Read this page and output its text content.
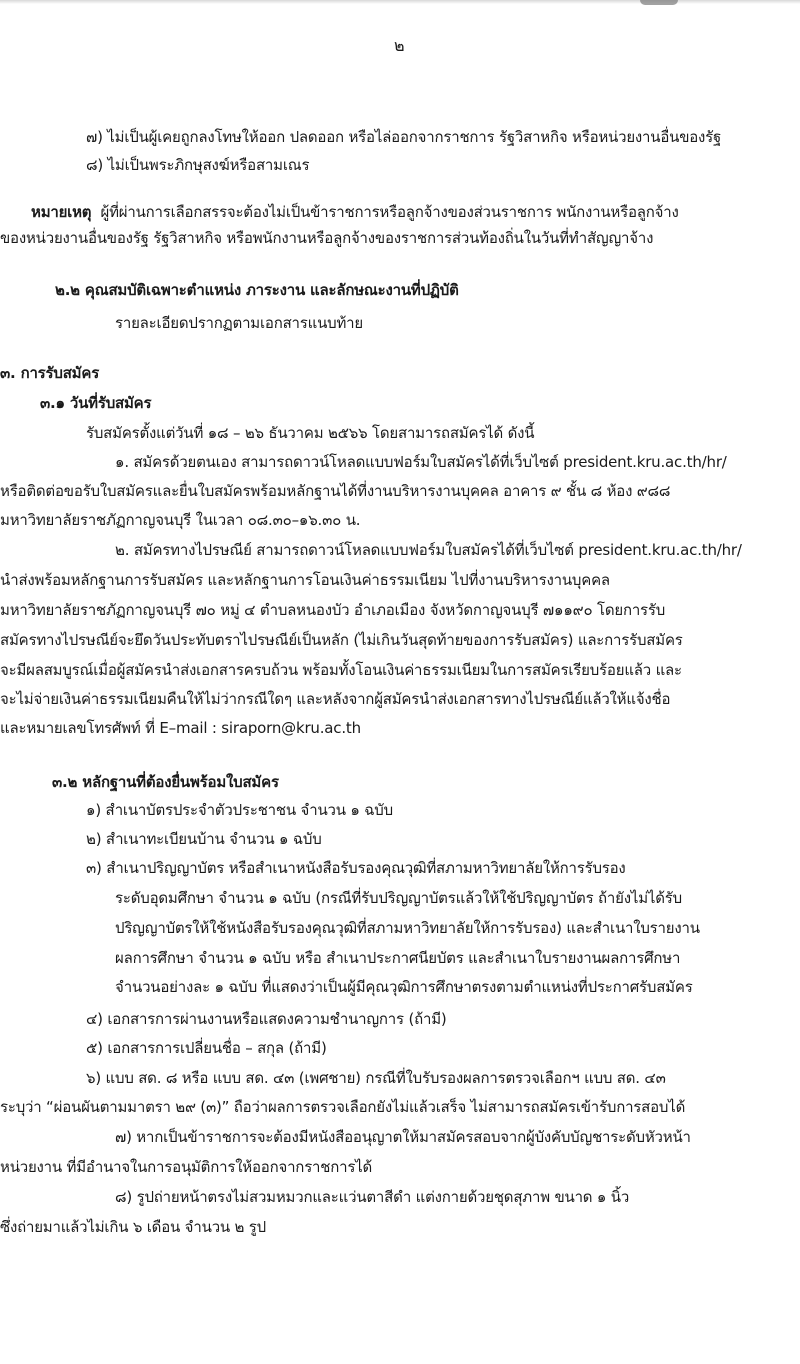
๒
๗) ไม่เป็นผู้เคยถูกลงโทษให้ออก ปลดออก หรือไล่ออกจากราชการ รัฐวิสาหกิจ หรือหน่วยงานอื่นของรัฐ
๘) ไม่เป็นพระภิกษุสงฆ์หรือสามเณร
หมายเหตุ ผู้ที่ผ่านการเลือกสรรจะต้องไม่เป็นข้าราชการหรือลูกจ้างของส่วนราชการ พนักงานหรือลูกจ้าง
ของหน่วยงานอื่นของรัฐ รัฐวิสาหกิจ หรือพนักงานหรือลูกจ้างของราชการส่วนท้องถิ่นในวันที่ทำสัญญาจ้าง
๒.๒ คุณสมบัติเฉพาะตำแหน่ง ภาระงาน และลักษณะงานที่ปฏิบัติ
รายละเอียดปรากฏตามเอกสารแนบท้าย
๓. การรับสมัคร
๓.๑ วันที่รับสมัคร
รับสมัครตั้งแต่วันที่ ๑๘ – ๒๖ ธันวาคม ๒๕๖๖ โดยสามารถสมัครได้ ดังนี้
๑. สมัครด้วยตนเอง สามารถดาวน์โหลดแบบฟอร์มใบสมัครได้ที่เว็บไซต์ president.kru.ac.th/hr/
หรือติดต่อขอรับใบสมัครและยื่นใบสมัครพร้อมหลักฐานได้ที่งานบริหารงานบุคคล อาคาร ๙ ชั้น ๘ ห้อง ๙๘๘
มหาวิทยาลัยราชภัฏกาญจนบุรี ในเวลา ๐๘.๓๐–๑๖.๓๐ น.
๒. สมัครทางไปรษณีย์ สามารถดาวน์โหลดแบบฟอร์มใบสมัครได้ที่เว็บไซต์ president.kru.ac.th/hr/
นำส่งพร้อมหลักฐานการรับสมัคร และหลักฐานการโอนเงินค่าธรรมเนียม ไปที่งานบริหารงานบุคคล
มหาวิทยาลัยราชภัฏกาญจนบุรี ๗๐ หมู่ ๔ ตำบลหนองบัว อำเภอเมือง จังหวัดกาญจนบุรี ๗๑๑๙๐ โดยการรับ
สมัครทางไปรษณีย์จะยึดวันประทับตราไปรษณีย์เป็นหลัก (ไม่เกินวันสุดท้ายของการรับสมัคร) และการรับสมัคร
จะมีผลสมบูรณ์เมื่อผู้สมัครนำส่งเอกสารครบถ้วน พร้อมทั้งโอนเงินค่าธรรมเนียมในการสมัครเรียบร้อยแล้ว และ
จะไม่จ่ายเงินค่าธรรมเนียมคืนให้ไม่ว่ากรณีใดๆ และหลังจากผู้สมัครนำส่งเอกสารทางไปรษณีย์แล้วให้แจ้งชื่อ
และหมายเลขโทรศัพท์ ที่ E–mail : siraporn@kru.ac.th
๓.๒ หลักฐานที่ต้องยื่นพร้อมใบสมัคร
๑) สำเนาบัตรประจำตัวประชาชน จำนวน ๑ ฉบับ
๒) สำเนาทะเบียนบ้าน จำนวน ๑ ฉบับ
๓) สำเนาปริญญาบัตร หรือสำเนาหนังสือรับรองคุณวุฒิที่สภามหาวิทยาลัยให้การรับรอง
ระดับอุดมศึกษา จำนวน ๑ ฉบับ (กรณีที่รับปริญญาบัตรแล้วให้ใช้ปริญญาบัตร ถ้ายังไม่ได้รับ
ปริญญาบัตรให้ใช้หนังสือรับรองคุณวุฒิที่สภามหาวิทยาลัยให้การรับรอง) และสำเนาใบรายงาน
ผลการศึกษา จำนวน ๑ ฉบับ หรือ สำเนาประกาศนียบัตร และสำเนาใบรายงานผลการศึกษา
จำนวนอย่างละ ๑ ฉบับ ที่แสดงว่าเป็นผู้มีคุณวุฒิการศึกษาตรงตามตำแหน่งที่ประกาศรับสมัคร
๔) เอกสารการผ่านงานหรือแสดงความชำนาญการ (ถ้ามี)
๕) เอกสารการเปลี่ยนชื่อ – สกุล (ถ้ามี)
๖) แบบ สด. ๘ หรือ แบบ สด. ๔๓ (เพศชาย) กรณีที่ใบรับรองผลการตรวจเลือกฯ แบบ สด. ๔๓
ระบุว่า “ผ่อนผันตามมาตรา ๒๙ (๓)” ถือว่าผลการตรวจเลือกยังไม่แล้วเสร็จ ไม่สามารถสมัครเข้ารับการสอบได้
๗) หากเป็นข้าราชการจะต้องมีหนังสืออนุญาตให้มาสมัครสอบจากผู้บังคับบัญชาระดับหัวหน้า
หน่วยงาน ที่มีอำนาจในการอนุมัติการให้ออกจากราชการได้
๘) รูปถ่ายหน้าตรงไม่สวมหมวกและแว่นตาสีดำ แต่งกายด้วยชุดสุภาพ ขนาด ๑ นิ้ว
ซึ่งถ่ายมาแล้วไม่เกิน ๖ เดือน จำนวน ๒ รูป
